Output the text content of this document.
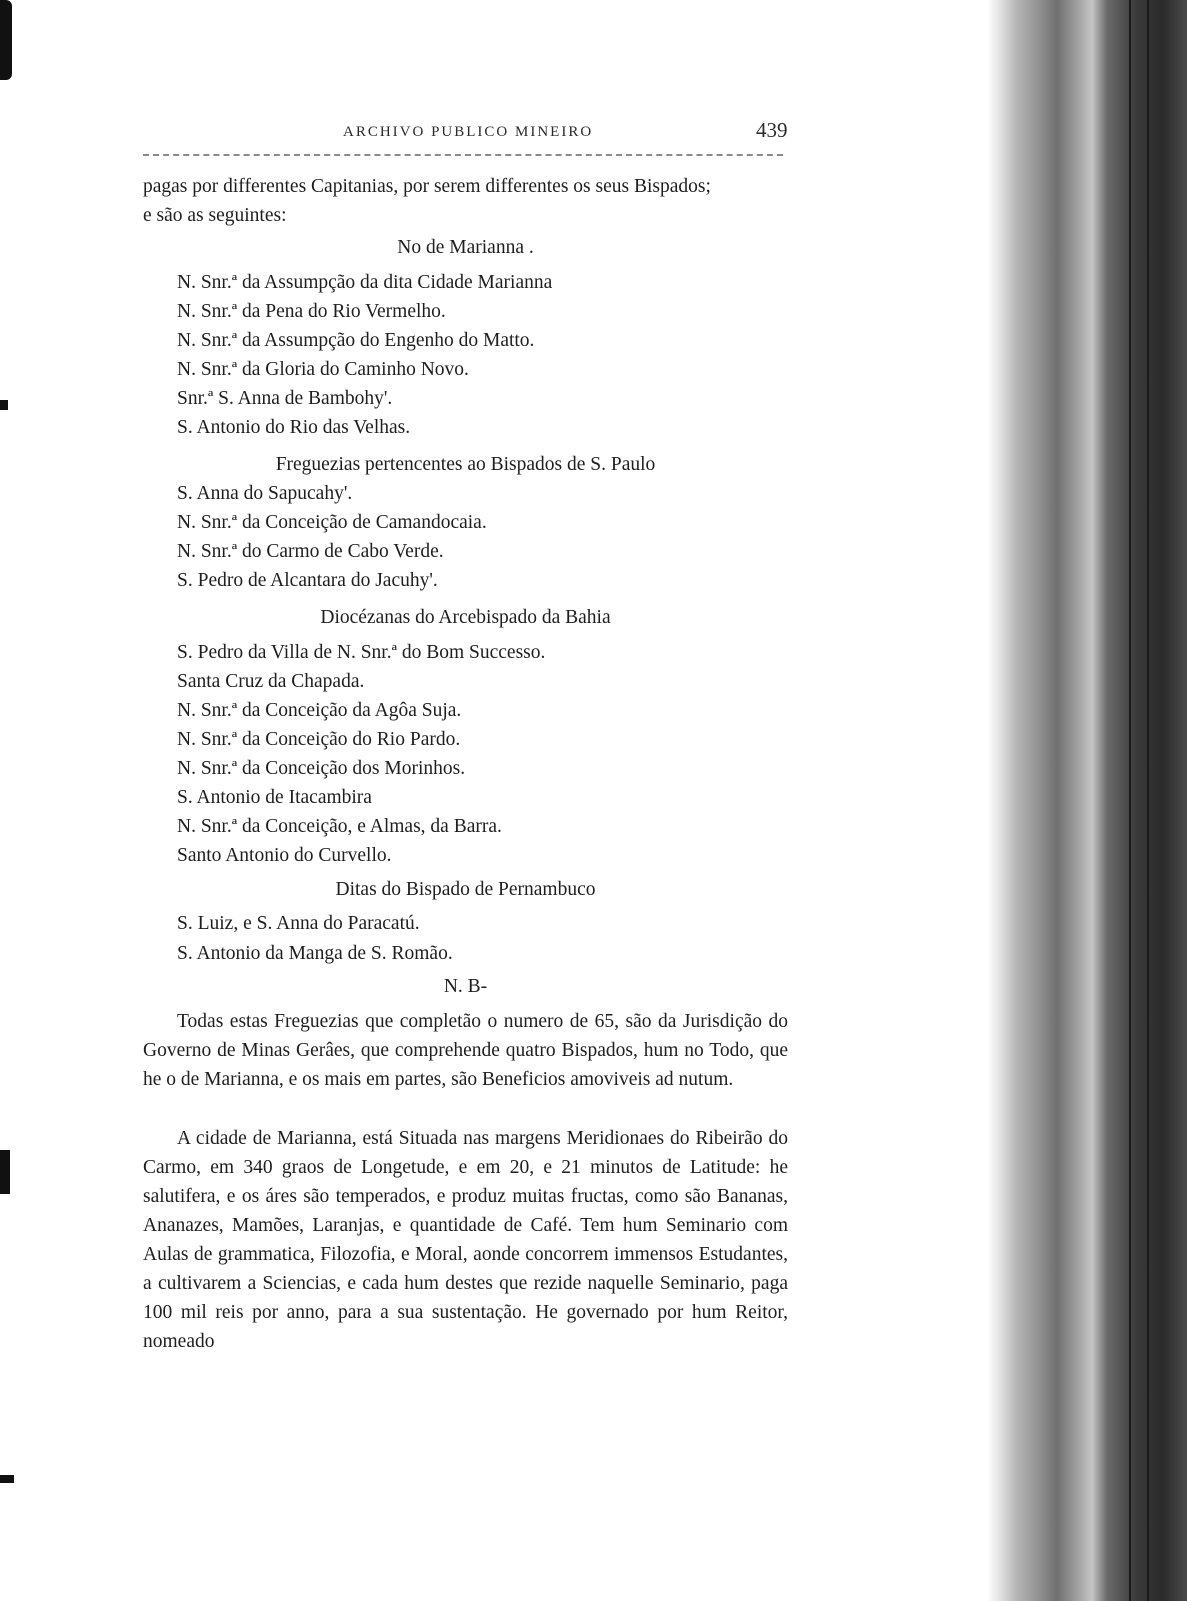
ARCHIVO PUBLICO MINEIRO	439
pagas por differentes Capitanias, por serem differentes os seus Bispados;
e são as seguintes:
No de Marianna .
N. Snr.ª da Assumpção da dita Cidade Marianna
N. Snr.ª da Pena do Rio Vermelho.
N. Snr.ª da Assumpção do Engenho do Matto.
N. Snr.ª da Gloria do Caminho Novo.
Snr.ª S. Anna de Bambohy'.
S. Antonio do Rio das Velhas.
Freguezias pertencentes ao Bispados de S. Paulo
S. Anna do Sapucahy'.
N. Snr.ª da Conceição de Camandocaia.
N. Snr.ª do Carmo de Cabo Verde.
S. Pedro de Alcantara do Jacuhy'.
Diocézanas do Arcebispado da Bahia
S. Pedro da Villa de N. Snr.ª do Bom Successo.
Santa Cruz da Chapada.
N. Snr.ª da Conceição da Agôa Suja.
N. Snr.ª da Conceição do Rio Pardo.
N. Snr.ª da Conceição dos Morinhos.
S. Antonio de Itacambira
N. Snr.ª da Conceição, e Almas, da Barra.
Santo Antonio do Curvello.
Ditas do Bispado de Pernambuco
S. Luiz, e S. Anna do Paracatú.
S. Antonio da Manga de S. Romão.
N. B-
Todas estas Freguezias que completão o numero de 65, são da Jurisdição do Governo de Minas Gerâes, que comprehende quatro Bispados, hum no Todo, que he o de Marianna, e os mais em partes, são Beneficios amoviveis ad nutum.
A cidade de Marianna, está Situada nas margens Meridionaes do Ribeirão do Carmo, em 340 graos de Longetude, e em 20, e 21 minutos de Latitude: he salutifera, e os áres são temperados, e produz muitas fructas, como são Bananas, Ananazes, Mamões, Laranjas, e quantidade de Café. Tem hum Seminario com Aulas de grammatica, Filozofia, e Moral, aonde concorrem immensos Estudantes, a cultivarem a Sciencias, e cada hum destes que rezide naquelle Seminario, paga 100 mil reis por anno, para a sua sustentação. He governado por hum Reitor, nomeado
